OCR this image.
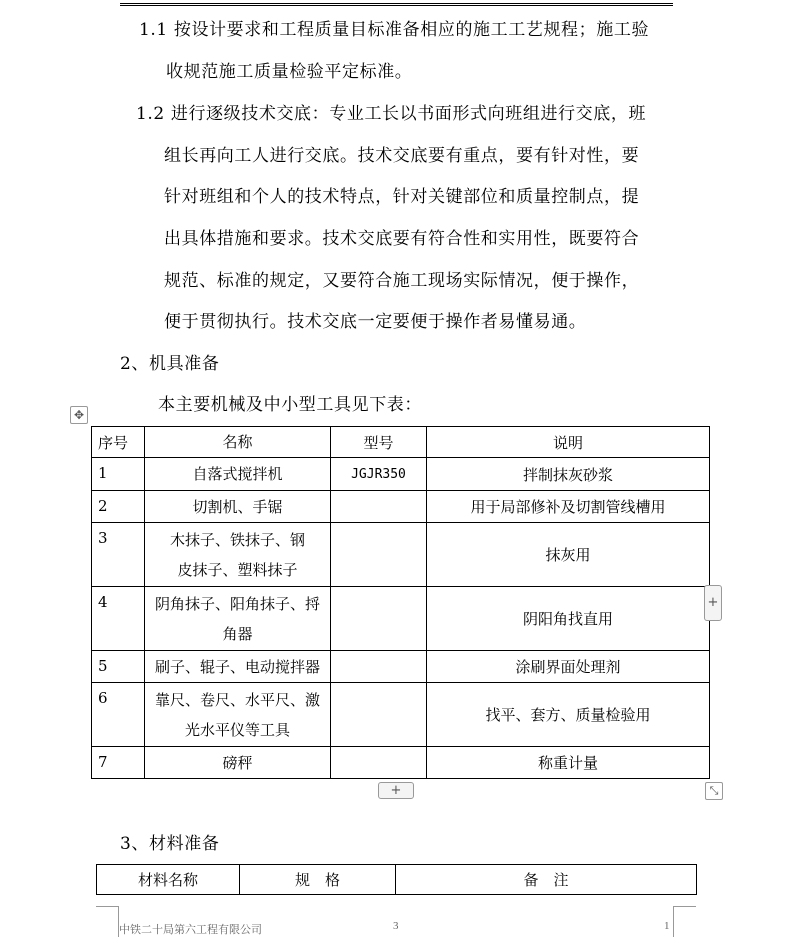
1.1 按设计要求和工程质量目标准备相应的施工工艺规程；施工验
收规范施工质量检验平定标准。
1.2 进行逐级技术交底：专业工长以书面形式向班组进行交底，班
组长再向工人进行交底。技术交底要有重点，要有针对性，要
针对班组和个人的技术特点，针对关键部位和质量控制点，提
出具体措施和要求。技术交底要有符合性和实用性，既要符合
规范、标准的规定，又要符合施工现场实际情况，便于操作，
便于贯彻执行。技术交底一定要便于操作者易懂易通。
2、机具准备
本主要机械及中小型工具见下表：
✥
序号	名称	型号	说明
1	自落式搅拌机	JGJR350	拌制抹灰砂浆
2	切割机、手锯		用于局部修补及切割管线槽用
3	木抹子、铁抹子、钢
皮抹子、塑料抹子		抹灰用
4	阴角抹子、阳角抹子、捋
角器		阴阳角找直用
5	刷子、辊子、电动搅拌器		涂刷界面处理剂
6	靠尺、卷尺、水平尺、激
光水平仪等工具		找平、套方、质量检验用
7	磅秤		称重计量
+
+	⤡
3、材料准备
材料名称	规　格	备　注
中铁二十局第六工程有限公司	3	1
